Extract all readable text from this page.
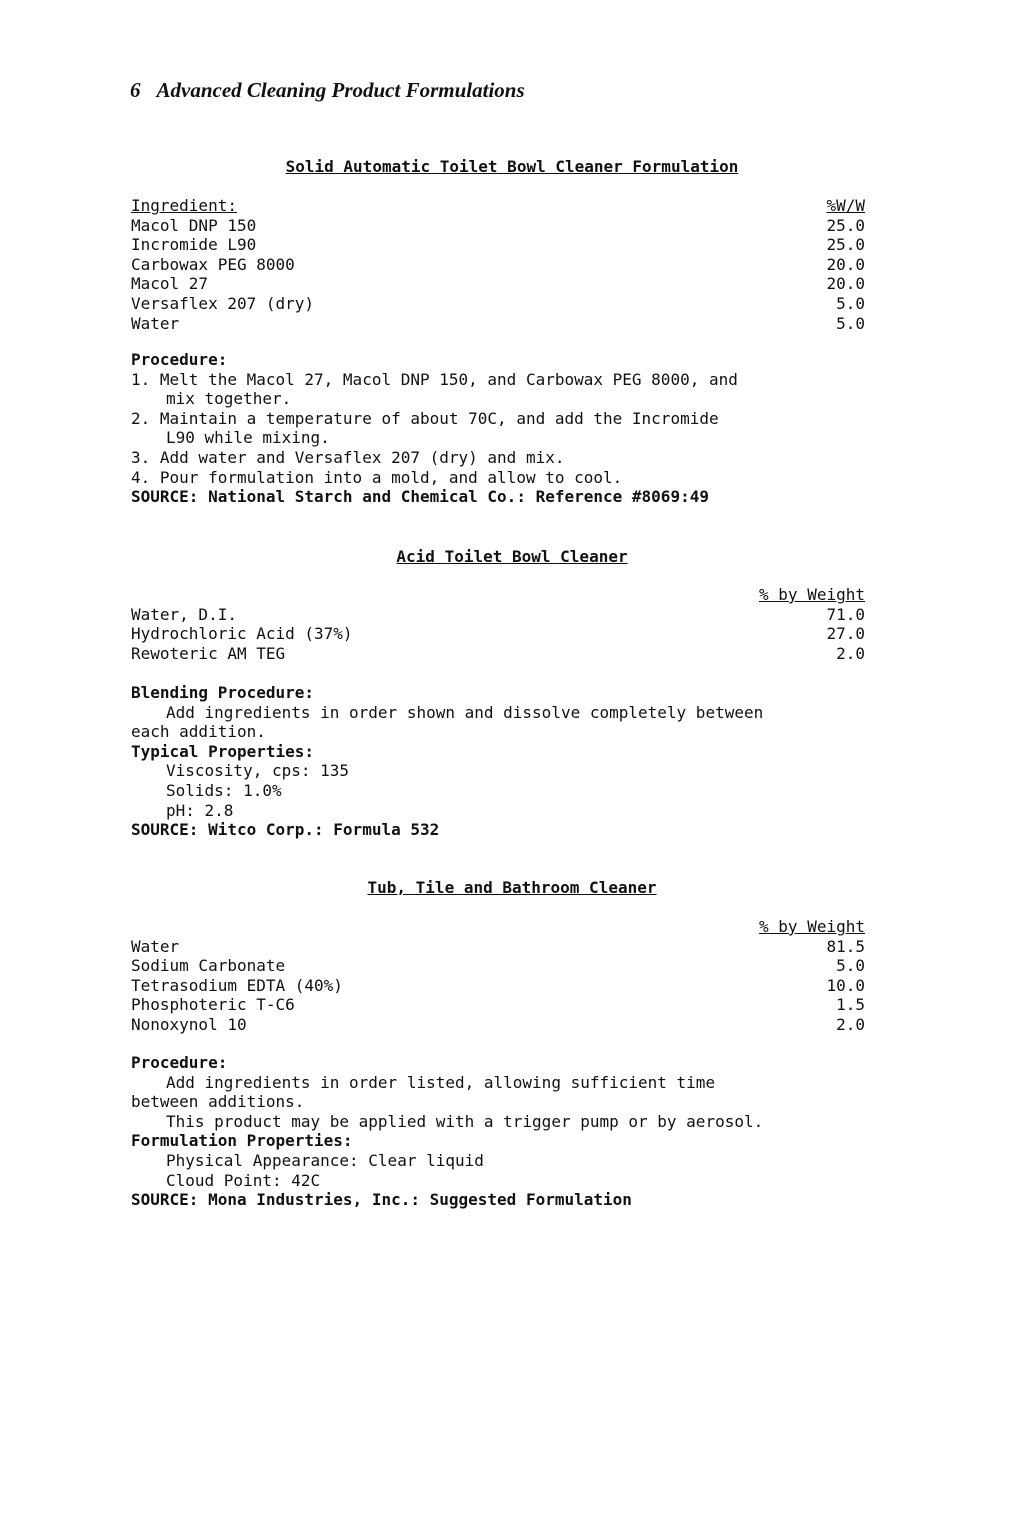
6 Advanced Cleaning Product Formulations
Solid Automatic Toilet Bowl Cleaner Formulation
Ingredient:	%W/W
Macol DNP 150	25.0
Incromide L90	25.0
Carbowax PEG 8000	20.0
Macol 27	20.0
Versaflex 207 (dry)	5.0
Water	5.0
Procedure:
1. Melt the Macol 27, Macol DNP 150, and Carbowax PEG 8000, and
mix together.
2. Maintain a temperature of about 70C, and add the Incromide
L90 while mixing.
3. Add water and Versaflex 207 (dry) and mix.
4. Pour formulation into a mold, and allow to cool.
SOURCE: National Starch and Chemical Co.: Reference #8069:49
Acid Toilet Bowl Cleaner
% by Weight
Water, D.I.	71.0
Hydrochloric Acid (37%)	27.0
Rewoteric AM TEG	2.0
Blending Procedure:
Add ingredients in order shown and dissolve completely between
each addition.
Typical Properties:
Viscosity, cps: 135
Solids: 1.0%
pH: 2.8
SOURCE: Witco Corp.: Formula 532
Tub, Tile and Bathroom Cleaner
% by Weight
Water	81.5
Sodium Carbonate	5.0
Tetrasodium EDTA (40%)	10.0
Phosphoteric T-C6	1.5
Nonoxynol 10	2.0
Procedure:
Add ingredients in order listed, allowing sufficient time
between additions.
This product may be applied with a trigger pump or by aerosol.
Formulation Properties:
Physical Appearance: Clear liquid
Cloud Point: 42C
SOURCE: Mona Industries, Inc.: Suggested Formulation
